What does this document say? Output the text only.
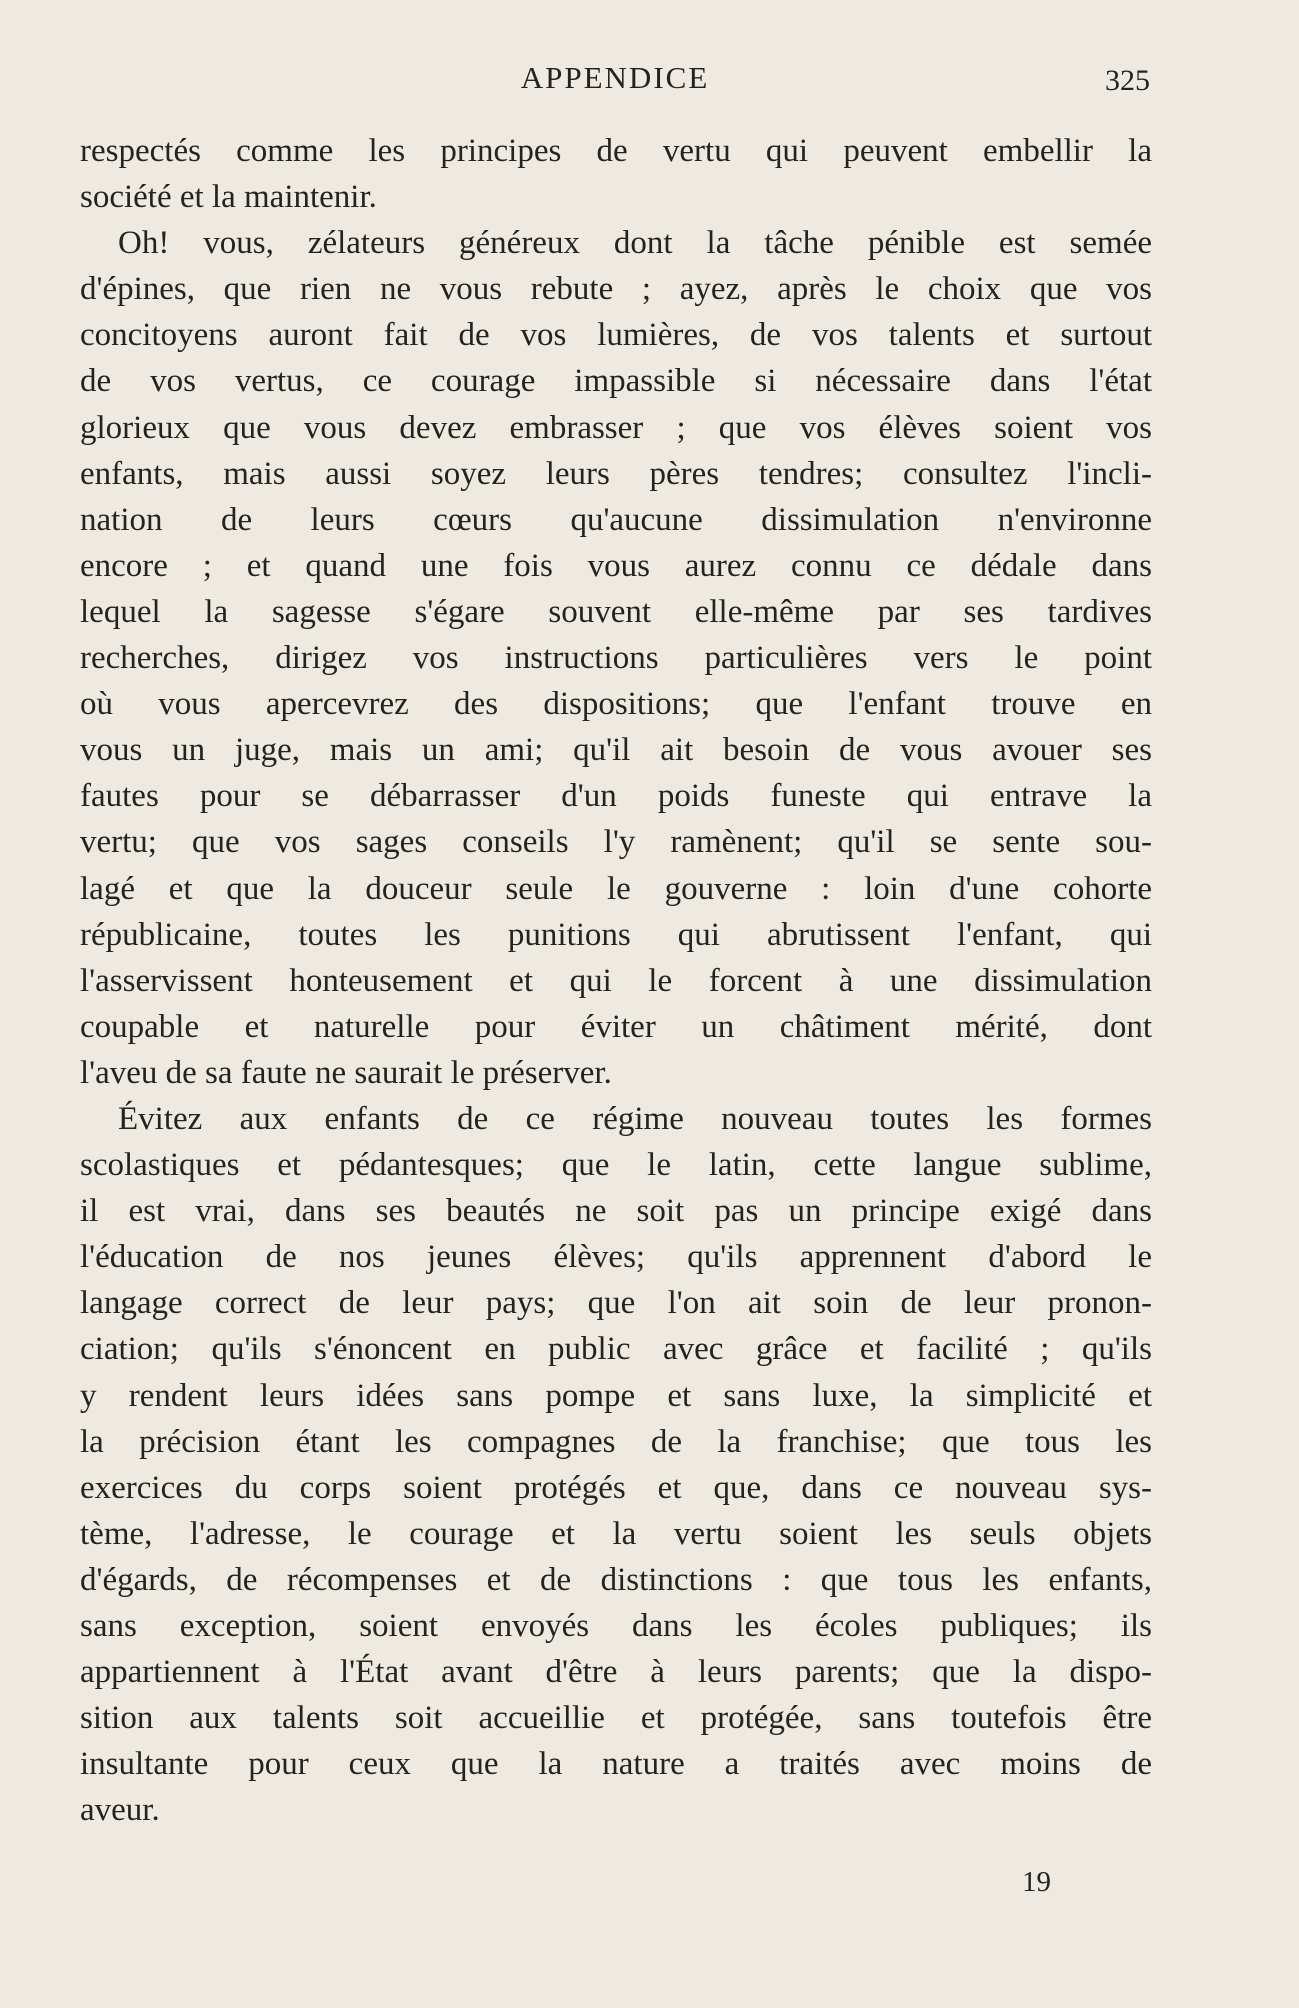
APPENDICE	325

respectés comme les principes de vertu qui peuvent embellir la
société et la maintenir.

Oh! vous, zélateurs généreux dont la tâche pénible est semée
d'épines, que rien ne vous rebute ; ayez, après le choix que vos
concitoyens auront fait de vos lumières, de vos talents et surtout
de vos vertus, ce courage impassible si nécessaire dans l'état
glorieux que vous devez embrasser ; que vos élèves soient vos
enfants, mais aussi soyez leurs pères tendres; consultez l'incli-
nation de leurs cœurs qu'aucune dissimulation n'environne
encore ; et quand une fois vous aurez connu ce dédale dans
lequel la sagesse s'égare souvent elle-même par ses tardives
recherches, dirigez vos instructions particulières vers le point
où vous apercevrez des dispositions; que l'enfant trouve en
vous un juge, mais un ami; qu'il ait besoin de vous avouer ses
fautes pour se débarrasser d'un poids funeste qui entrave la
vertu; que vos sages conseils l'y ramènent; qu'il se sente sou-
lagé et que la douceur seule le gouverne : loin d'une cohorte
républicaine, toutes les punitions qui abrutissent l'enfant, qui
l'asservissent honteusement et qui le forcent à une dissimulation
coupable et naturelle pour éviter un châtiment mérité, dont
l'aveu de sa faute ne saurait le préserver.

Évitez aux enfants de ce régime nouveau toutes les formes
scolastiques et pédantesques; que le latin, cette langue sublime,
il est vrai, dans ses beautés ne soit pas un principe exigé dans
l'éducation de nos jeunes élèves; qu'ils apprennent d'abord le
langage correct de leur pays; que l'on ait soin de leur pronon-
ciation; qu'ils s'énoncent en public avec grâce et facilité ; qu'ils
y rendent leurs idées sans pompe et sans luxe, la simplicité et
la précision étant les compagnes de la franchise; que tous les
exercices du corps soient protégés et que, dans ce nouveau sys-
tème, l'adresse, le courage et la vertu soient les seuls objets
d'égards, de récompenses et de distinctions : que tous les enfants,
sans exception, soient envoyés dans les écoles publiques; ils
appartiennent à l'État avant d'être à leurs parents; que la dispo-
sition aux talents soit accueillie et protégée, sans toutefois être
insultante pour ceux que la nature a traités avec moins de
aveur.

19
